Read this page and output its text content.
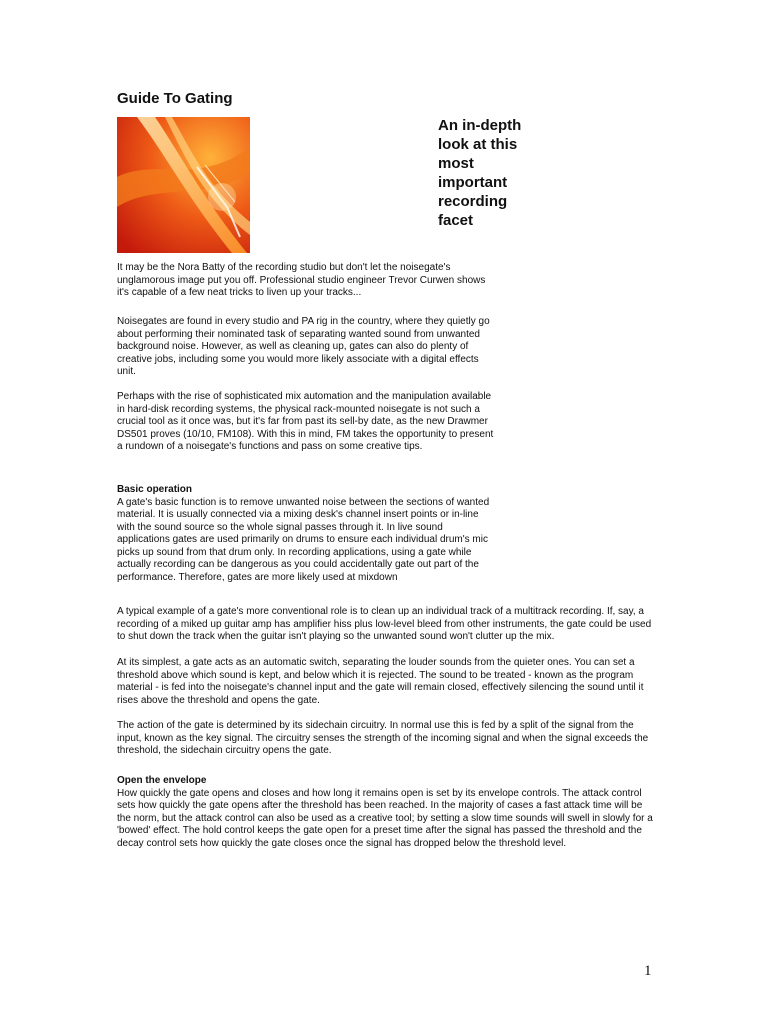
Guide To Gating
An in-depth look at this most important recording facet

It may be the Nora Batty of the recording studio but don't let the noisegate's unglamorous image put you off. Professional studio engineer Trevor Curwen shows it's capable of a few neat tricks to liven up your tracks...

Noisegates are found in every studio and PA rig in the country, where they quietly go about performing their nominated task of separating wanted sound from unwanted background noise. However, as well as cleaning up, gates can also do plenty of creative jobs, including some you would more likely associate with a digital effects unit.

Perhaps with the rise of sophisticated mix automation and the manipulation available in hard-disk recording systems, the physical rack-mounted noisegate is not such a crucial tool as it once was, but it's far from past its sell-by date, as the new Drawmer DS501 proves (10/10, FM108). With this in mind, FM takes the opportunity to present a rundown of a noisegate's functions and pass on some creative tips.

Basic operation
A gate's basic function is to remove unwanted noise between the sections of wanted material. It is usually connected via a mixing desk's channel insert points or in-line with the sound source so the whole signal passes through it. In live sound applications gates are used primarily on drums to ensure each individual drum's mic picks up sound from that drum only. In recording applications, using a gate while actually recording can be dangerous as you could accidentally gate out part of the performance. Therefore, gates are more likely used at mixdown

A typical example of a gate's more conventional role is to clean up an individual track of a multitrack recording. If, say, a recording of a miked up guitar amp has amplifier hiss plus low-level bleed from other instruments, the gate could be used to shut down the track when the guitar isn't playing so the unwanted sound won't clutter up the mix.

At its simplest, a gate acts as an automatic switch, separating the louder sounds from the quieter ones. You can set a threshold above which sound is kept, and below which it is rejected. The sound to be treated - known as the program material - is fed into the noisegate's channel input and the gate will remain closed, effectively silencing the sound until it rises above the threshold and opens the gate.

The action of the gate is determined by its sidechain circuitry. In normal use this is fed by a split of the signal from the input, known as the key signal. The circuitry senses the strength of the incoming signal and when the signal exceeds the threshold, the sidechain circuitry opens the gate.

Open the envelope
How quickly the gate opens and closes and how long it remains open is set by its envelope controls. The attack control sets how quickly the gate opens after the threshold has been reached. In the majority of cases a fast attack time will be the norm, but the attack control can also be used as a creative tool; by setting a slow time sounds will swell in slowly for a 'bowed' effect. The hold control keeps the gate open for a preset time after the signal has passed the threshold and the decay control sets how quickly the gate closes once the signal has dropped below the threshold level.
1
